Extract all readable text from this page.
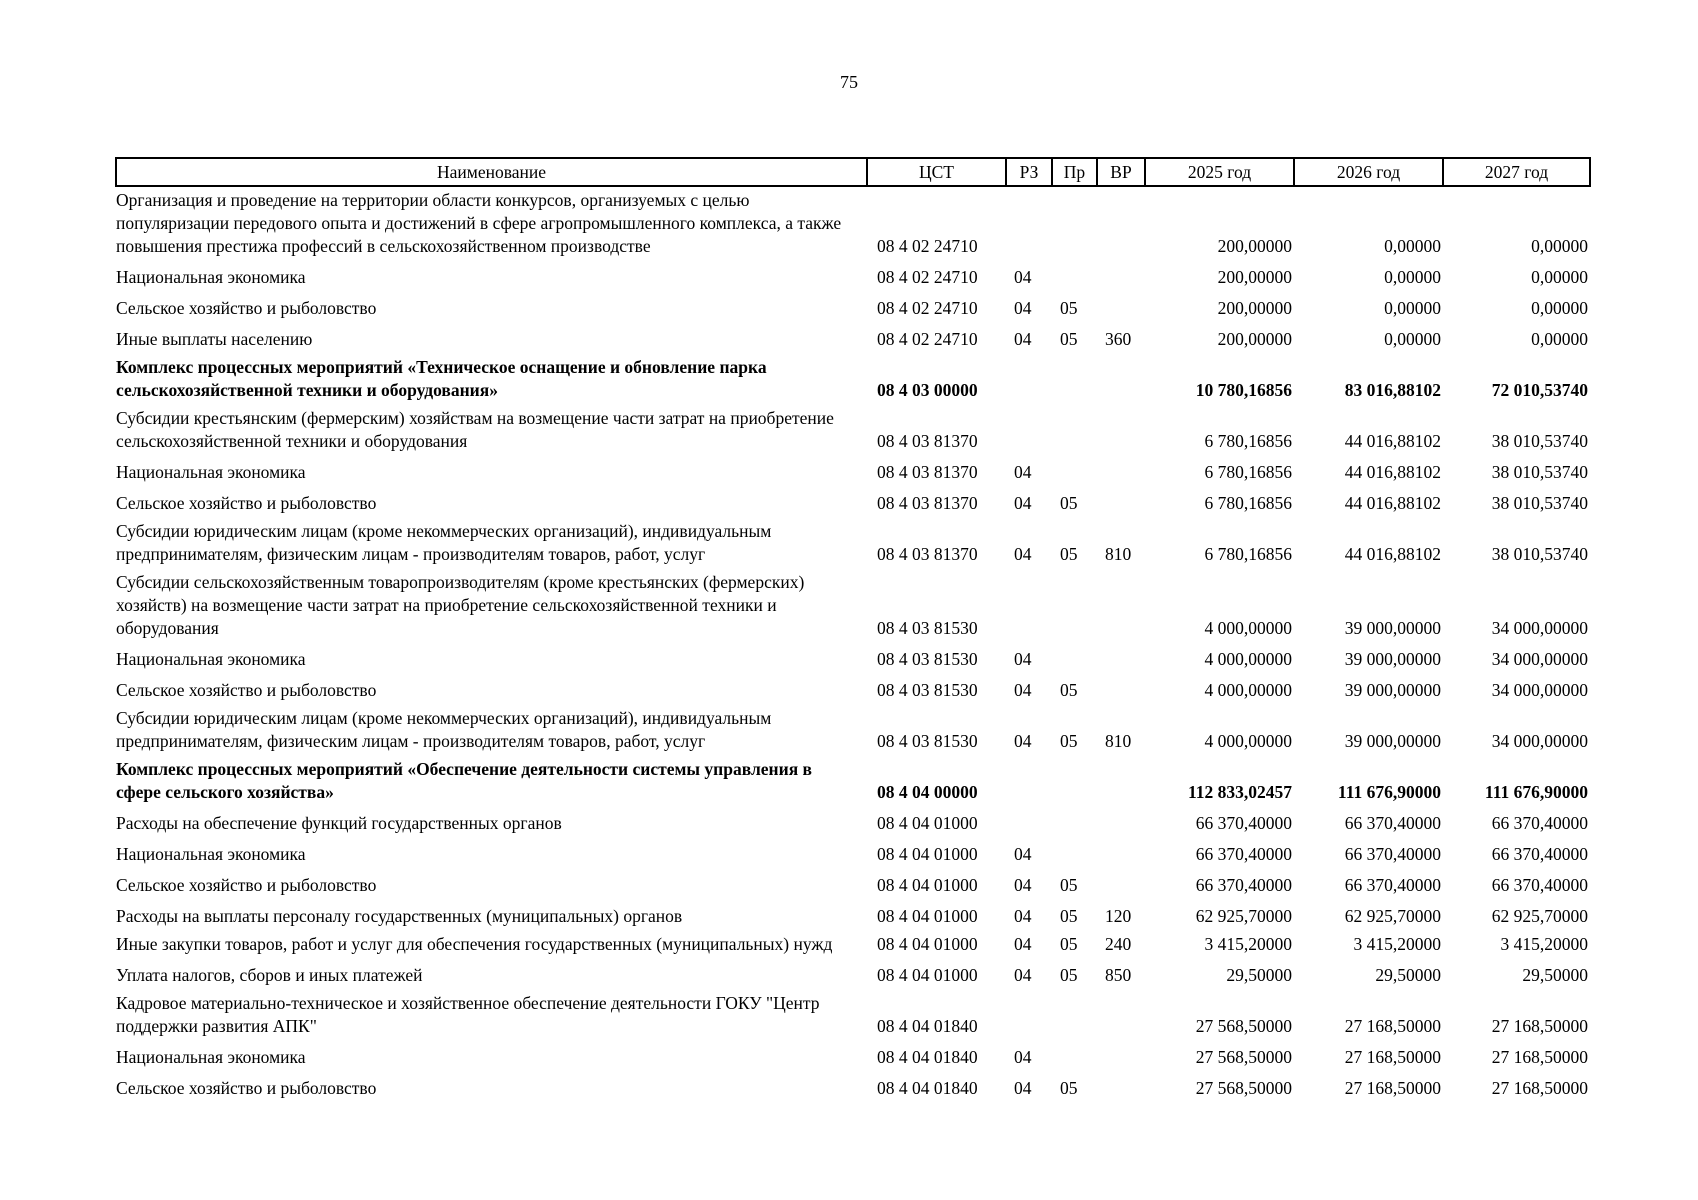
75
Наименование	ЦСТ	РЗ	Пр	ВР	2025 год	2026 год	2027 год
Организация и проведение на территории области конкурсов, организуемых с целью популяризации передового опыта и достижений в сфере агропромышленного комплекса, а также повышения престижа профессий в сельскохозяйственном производстве	08 4 02 24710				200,00000	0,00000	0,00000
Национальная экономика	08 4 02 24710	04			200,00000	0,00000	0,00000
Сельское хозяйство и рыболовство	08 4 02 24710	04	05		200,00000	0,00000	0,00000
Иные выплаты населению	08 4 02 24710	04	05	360	200,00000	0,00000	0,00000
Комплекс процессных мероприятий «Техническое оснащение и обновление парка сельскохозяйственной техники и оборудования»	08 4 03 00000				10 780,16856	83 016,88102	72 010,53740
Субсидии крестьянским (фермерским) хозяйствам на возмещение части затрат на приобретение сельскохозяйственной техники и оборудования	08 4 03 81370				6 780,16856	44 016,88102	38 010,53740
Национальная экономика	08 4 03 81370	04			6 780,16856	44 016,88102	38 010,53740
Сельское хозяйство и рыболовство	08 4 03 81370	04	05		6 780,16856	44 016,88102	38 010,53740
Субсидии юридическим лицам (кроме некоммерческих организаций), индивидуальным предпринимателям, физическим лицам - производителям товаров, работ, услуг	08 4 03 81370	04	05	810	6 780,16856	44 016,88102	38 010,53740
Субсидии сельскохозяйственным товаропроизводителям (кроме крестьянских (фермерских) хозяйств) на возмещение части затрат на приобретение сельскохозяйственной техники и оборудования	08 4 03 81530				4 000,00000	39 000,00000	34 000,00000
Национальная экономика	08 4 03 81530	04			4 000,00000	39 000,00000	34 000,00000
Сельское хозяйство и рыболовство	08 4 03 81530	04	05		4 000,00000	39 000,00000	34 000,00000
Субсидии юридическим лицам (кроме некоммерческих организаций), индивидуальным предпринимателям, физическим лицам - производителям товаров, работ, услуг	08 4 03 81530	04	05	810	4 000,00000	39 000,00000	34 000,00000
Комплекс процессных мероприятий «Обеспечение деятельности системы управления в сфере сельского хозяйства»	08 4 04 00000				112 833,02457	111 676,90000	111 676,90000
Расходы на обеспечение функций государственных органов	08 4 04 01000				66 370,40000	66 370,40000	66 370,40000
Национальная экономика	08 4 04 01000	04			66 370,40000	66 370,40000	66 370,40000
Сельское хозяйство и рыболовство	08 4 04 01000	04	05		66 370,40000	66 370,40000	66 370,40000
Расходы на выплаты персоналу государственных (муниципальных) органов	08 4 04 01000	04	05	120	62 925,70000	62 925,70000	62 925,70000
Иные закупки товаров, работ и услуг для обеспечения государственных (муниципальных) нужд	08 4 04 01000	04	05	240	3 415,20000	3 415,20000	3 415,20000
Уплата налогов, сборов и иных платежей	08 4 04 01000	04	05	850	29,50000	29,50000	29,50000
Кадровое материально-техническое и хозяйственное обеспечение деятельности ГОКУ "Центр поддержки развития АПК"	08 4 04 01840				27 568,50000	27 168,50000	27 168,50000
Национальная экономика	08 4 04 01840	04			27 568,50000	27 168,50000	27 168,50000
Сельское хозяйство и рыболовство	08 4 04 01840	04	05		27 568,50000	27 168,50000	27 168,50000
